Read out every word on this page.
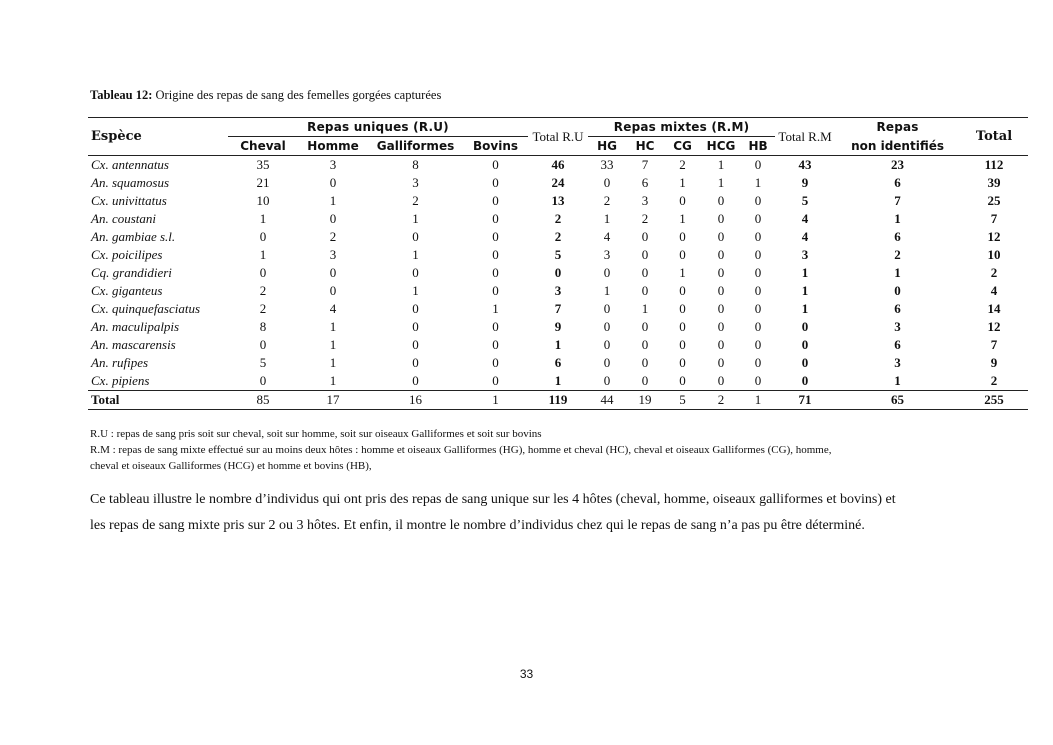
Tableau 12: Origine des repas de sang des femelles gorgées capturées
Espèce	Repas uniques (R.U)				Total R.U	Repas mixtes (R.M)					Total R.M	Repas	Total
	Cheval	Homme	Galliformes	Bovins		HG	HC	CG	HCG	HB		non identifiés	
Cx. antennatus	35	3	8	0	46	33	7	2	1	0	43	23	112
An. squamosus	21	0	3	0	24	0	6	1	1	1	9	6	39
Cx. univittatus	10	1	2	0	13	2	3	0	0	0	5	7	25
An. coustani	1	0	1	0	2	1	2	1	0	0	4	1	7
An. gambiae s.l.	0	2	0	0	2	4	0	0	0	0	4	6	12
Cx. poicilipes	1	3	1	0	5	3	0	0	0	0	3	2	10
Cq. grandidieri	0	0	0	0	0	0	0	1	0	0	1	1	2
Cx. giganteus	2	0	1	0	3	1	0	0	0	0	1	0	4
Cx. quinquefasciatus	2	4	0	1	7	0	1	0	0	0	1	6	14
An. maculipalpis	8	1	0	0	9	0	0	0	0	0	0	3	12
An. mascarensis	0	1	0	0	1	0	0	0	0	0	0	6	7
An. rufipes	5	1	0	0	6	0	0	0	0	0	0	3	9
Cx. pipiens	0	1	0	0	1	0	0	0	0	0	0	1	2
Total	85	17	16	1	119	44	19	5	2	1	71	65	255
R.U : repas de sang pris soit sur cheval, soit sur homme, soit sur oiseaux Galliformes et soit sur bovins
R.M : repas de sang mixte effectué sur au moins deux hôtes : homme et oiseaux Galliformes (HG), homme et cheval (HC), cheval et oiseaux Galliformes (CG), homme,
cheval et oiseaux Galliformes (HCG) et homme et bovins (HB),
Ce tableau illustre le nombre d’individus qui ont pris des repas de sang unique sur les 4 hôtes (cheval, homme, oiseaux galliformes et bovins) et
les repas de sang mixte pris sur 2 ou 3 hôtes. Et enfin, il montre le nombre d’individus chez qui le repas de sang n’a pas pu être déterminé.
33
